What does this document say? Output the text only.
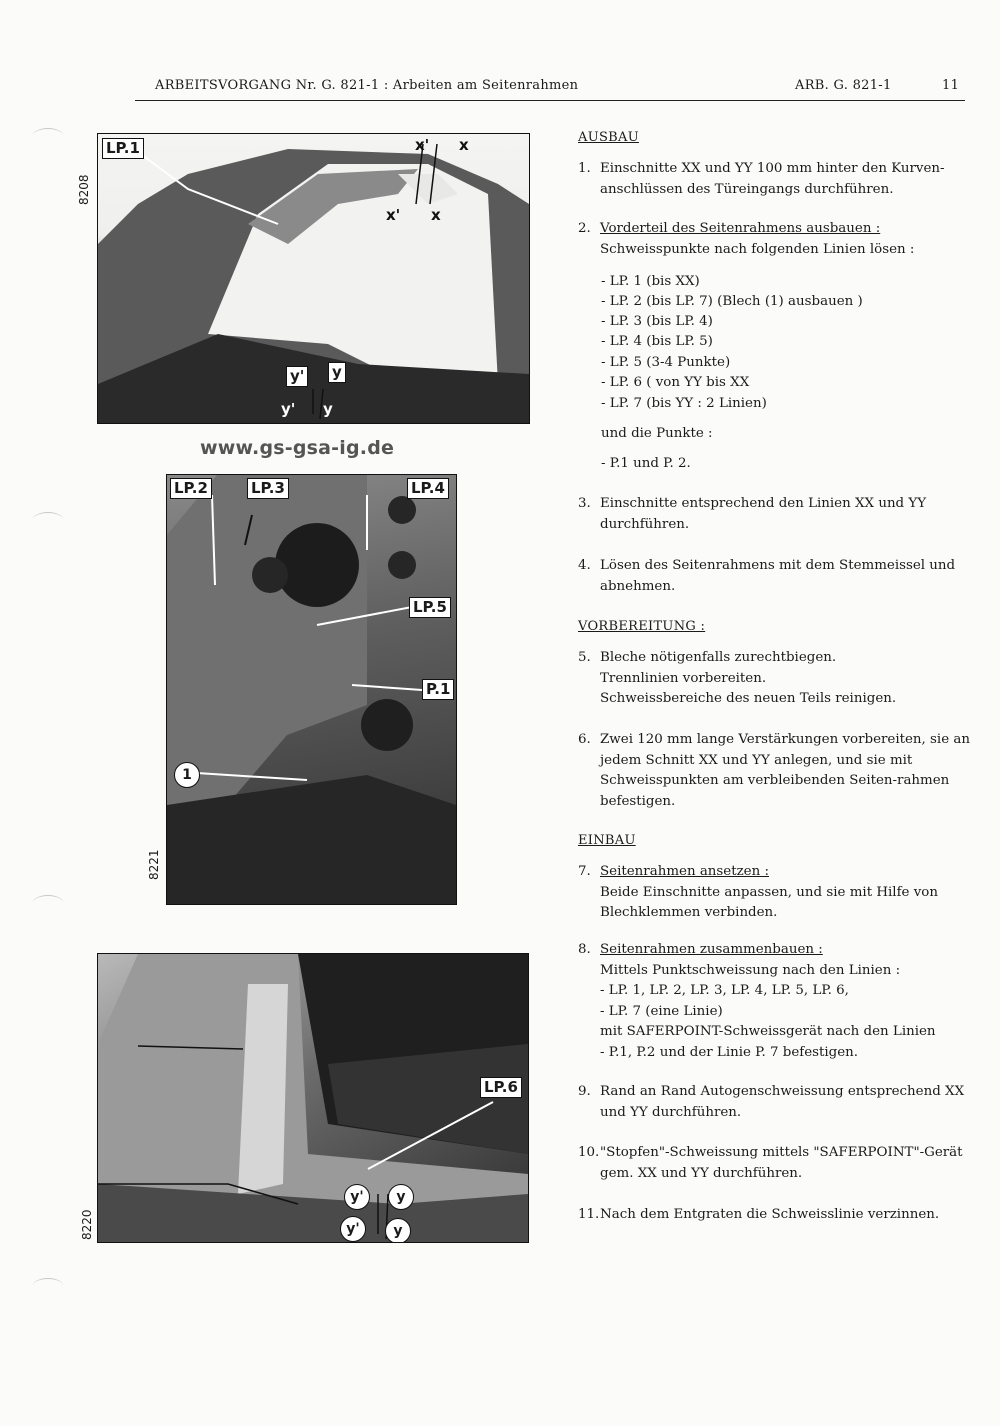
ARBEITSVORGANG Nr. G. 821-1 : Arbeiten am Seitenrahmen	ARB. G. 821-1	11
8208
LP.1	x' x
x' x
y' y
y' y
www.gs-gsa-ig.de
8221
LP.2	LP.3	LP.4
LP.5
P.1
1
8220
LP.6
y'	y
y'	y
AUSBAU
1. Einschnitte XX und YY 100 mm hinter den Kurven-anschlüssen des Türeingangs durchführen.
2. Vorderteil des Seitenrahmens ausbauen :
Schweisspunkte nach folgenden Linien lösen :
- LP. 1 (bis XX)
- LP. 2 (bis LP. 7) (Blech (1) ausbauen )
- LP. 3 (bis LP. 4)
- LP. 4 (bis LP. 5)
- LP. 5 (3-4 Punkte)
- LP. 6 ( von YY bis XX
- LP. 7 (bis YY : 2 Linien)
und die Punkte :
- P.1 und P. 2.
3. Einschnitte entsprechend den Linien XX und YY durchführen.
4. Lösen des Seitenrahmens mit dem Stemmeissel und abnehmen.
VORBEREITUNG :
5. Bleche nötigenfalls zurechtbiegen.
Trennlinien vorbereiten.
Schweissbereiche des neuen Teils reinigen.
6. Zwei 120 mm lange Verstärkungen vorbereiten, sie an jedem Schnitt XX und YY anlegen, und sie mit Schweisspunkten am verbleibenden Seiten-rahmen befestigen.
EINBAU
7. Seitenrahmen ansetzen :
Beide Einschnitte anpassen, und sie mit Hilfe von Blechklemmen verbinden.
8. Seitenrahmen zusammenbauen :
Mittels Punktschweissung nach den Linien :
- LP. 1, LP. 2, LP. 3, LP. 4, LP. 5, LP. 6,
- LP. 7 (eine Linie)
mit SAFERPOINT-Schweissgerät nach den Linien
- P.1, P.2 und der Linie P. 7 befestigen.
9. Rand an Rand Autogenschweissung entsprechend XX und YY durchführen.
10."Stopfen"-Schweissung mittels "SAFERPOINT"-Gerät gem. XX und YY durchführen.
11.Nach dem Entgraten die Schweisslinie verzinnen.
